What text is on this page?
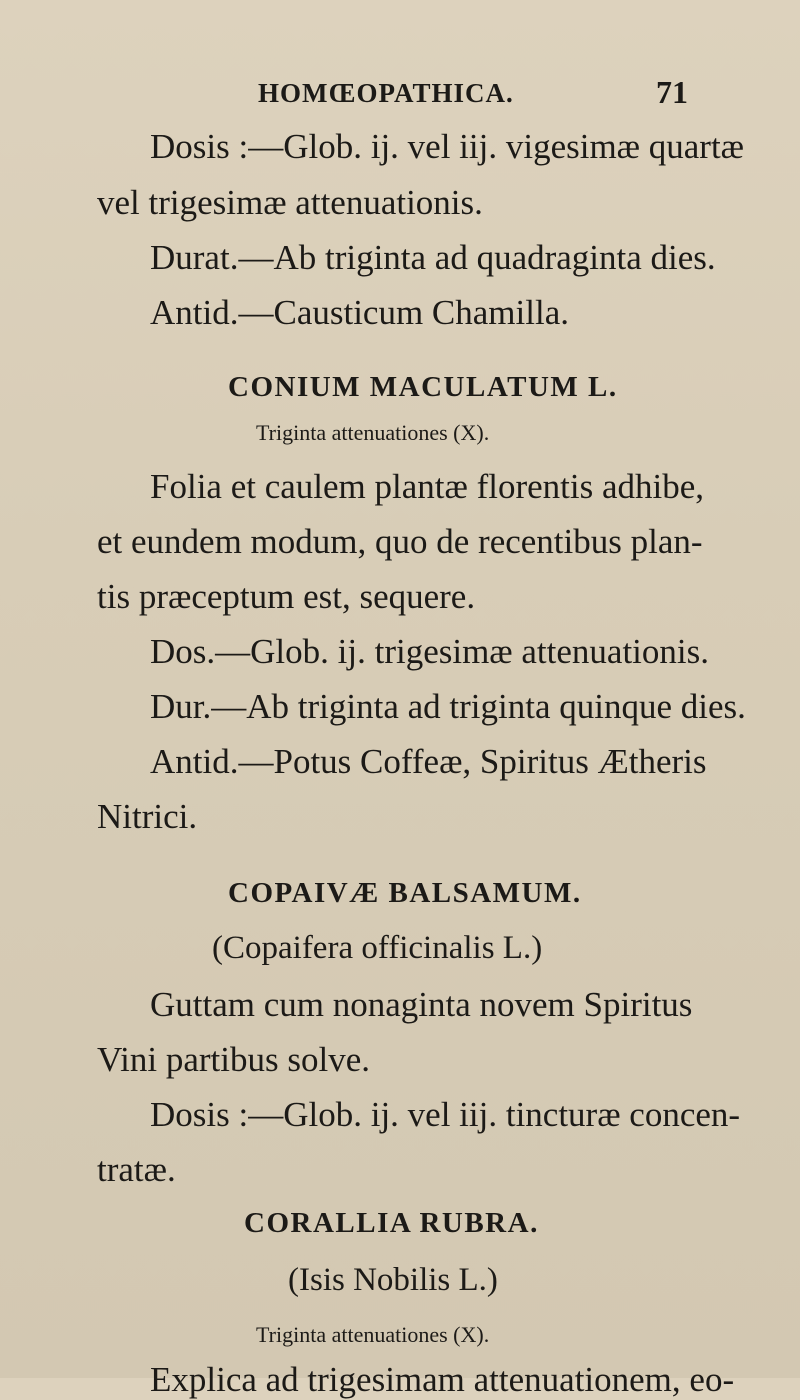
HOMŒOPATHICA.	71
Dosis :—Glob. ij. vel iij. vigesimæ quartæ
vel trigesimæ attenuationis.
Durat.—Ab triginta ad quadraginta dies.
Antid.—Causticum Chamilla.
CONIUM MACULATUM L.
Triginta attenuationes (X).
Folia et caulem plantæ florentis adhibe,
et eundem modum, quo de recentibus plan-
tis præceptum est, sequere.
Dos.—Glob. ij. trigesimæ attenuationis.
Dur.—Ab triginta ad triginta quinque dies.
Antid.—Potus Coffeæ, Spiritus Ætheris
Nitrici.
COPAIVÆ BALSAMUM.
(Copaifera officinalis L.)
Guttam cum nonaginta novem Spiritus
Vini partibus solve.
Dosis :—Glob. ij. vel iij. tincturæ concen-
tratæ.
CORALLIA RUBRA.
(Isis Nobilis L.)
Triginta attenuationes (X).
Explica ad trigesimam attenuationem, eo-
